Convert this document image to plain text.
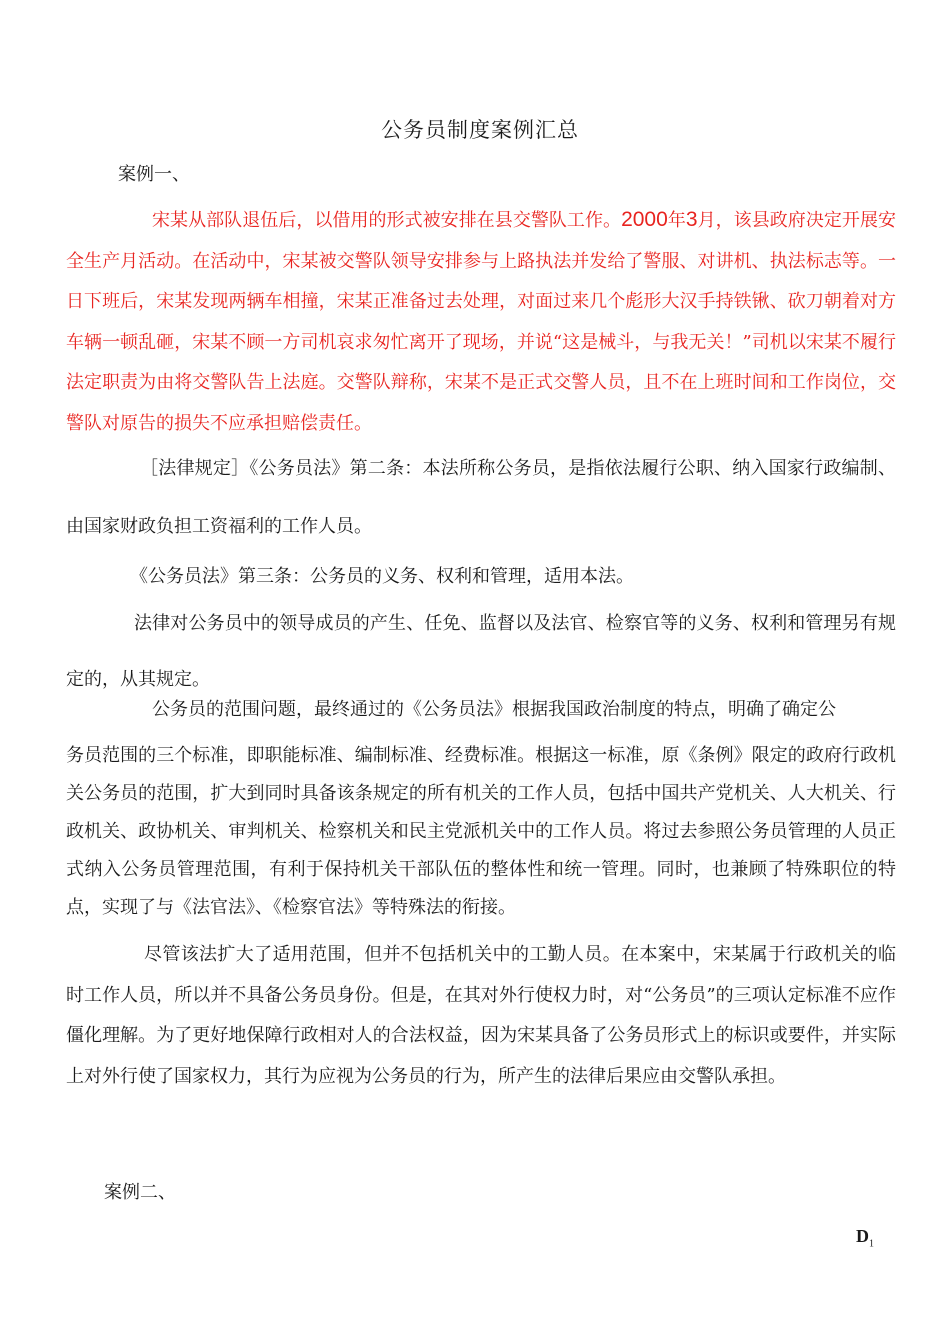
公务员制度案例汇总
案例一、
宋某从部队退伍后，以借用的形式被安排在县交警队工作。2000年3月，该县政府决定开展安全生产月活动。在活动中，宋某被交警队领导安排参与上路执法并发给了警服、对讲机、执法标志等。一日下班后，宋某发现两辆车相撞，宋某正准备过去处理，对面过来几个彪形大汉手持铁锹、砍刀朝着对方车辆一顿乱砸，宋某不顾一方司机哀求匆忙离开了现场，并说“这是械斗，与我无关！”司机以宋某不履行法定职责为由将交警队告上法庭。交警队辩称，宋某不是正式交警人员，且不在上班时间和工作岗位，交警队对原告的损失不应承担赔偿责任。
［法律规定］《公务员法》第二条：本法所称公务员，是指依法履行公职、纳入国家行政编制、由国家财政负担工资福利的工作人员。
《公务员法》第三条：公务员的义务、权利和管理，适用本法。
法律对公务员中的领导成员的产生、任免、监督以及法官、检察官等的义务、权利和管理另有规定的，从其规定。
公务员的范围问题，最终通过的《公务员法》根据我国政治制度的特点，明确了确定公
务员范围的三个标准，即职能标准、编制标准、经费标准。根据这一标准，原《条例》限定的政府行政机关公务员的范围，扩大到同时具备该条规定的所有机关的工作人员，包括中国共产党机关、人大机关、行政机关、政协机关、审判机关、检察机关和民主党派机关中的工作人员。将过去参照公务员管理的人员正式纳入公务员管理范围，有利于保持机关干部队伍的整体性和统一管理。同时，也兼顾了特殊职位的特点，实现了与《法官法》、《检察官法》等特殊法的衔接。
尽管该法扩大了适用范围，但并不包括机关中的工勤人员。在本案中，宋某属于行政机关的临时工作人员，所以并不具备公务员身份。但是，在其对外行使权力时，对“公务员”的三项认定标准不应作僵化理解。为了更好地保障行政相对人的合法权益，因为宋某具备了公务员形式上的标识或要件，并实际上对外行使了国家权力，其行为应视为公务员的行为，所产生的法律后果应由交警队承担。
案例二、
$D_1$
